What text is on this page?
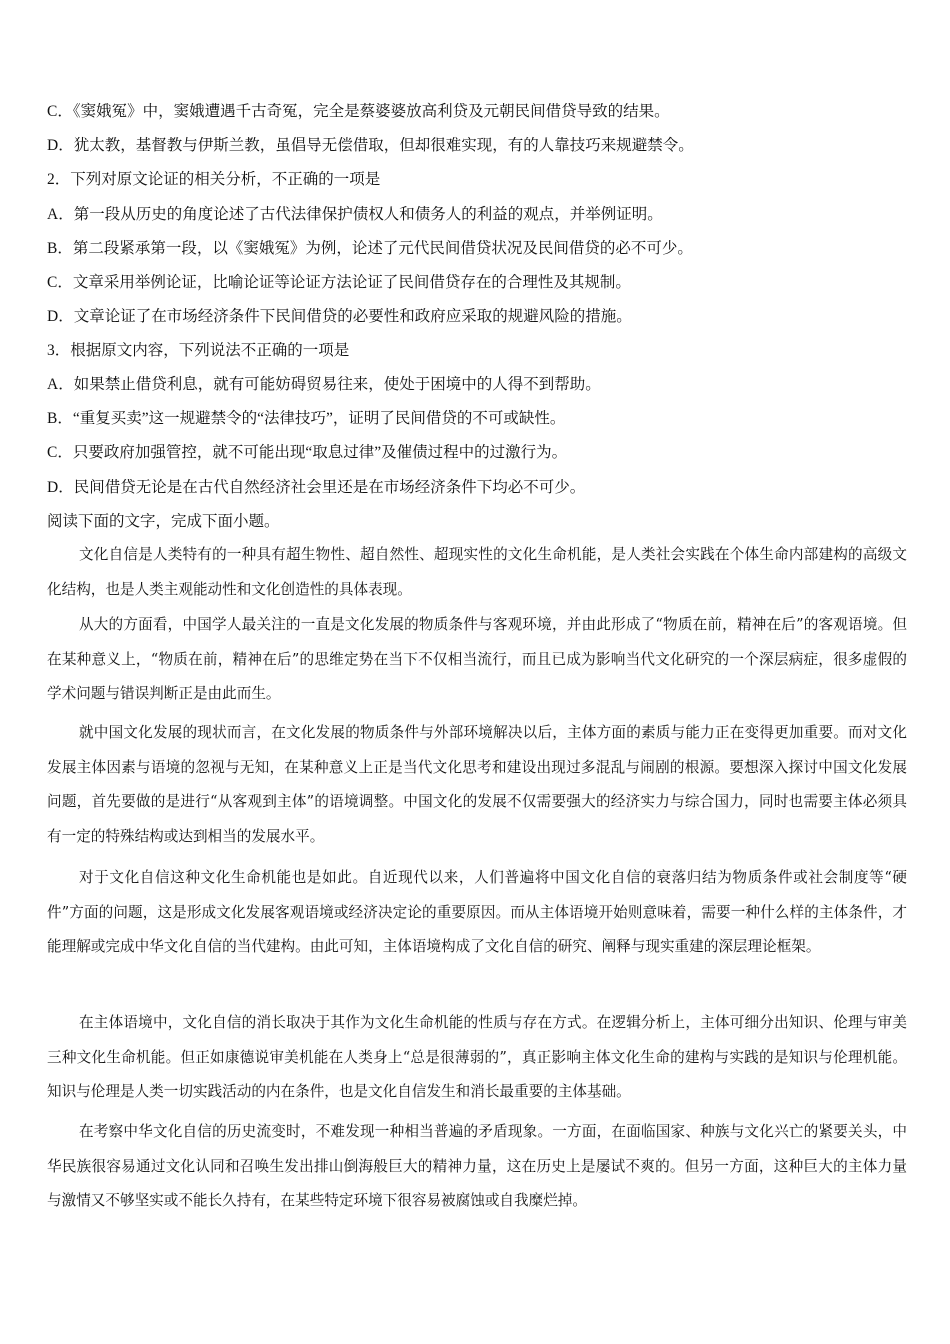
C．《窦娥冤》中，窦娥遭遇千古奇冤，完全是蔡婆婆放高利贷及元朝民间借贷导致的结果。
D．犹太教，基督教与伊斯兰教，虽倡导无偿借取，但却很难实现，有的人靠技巧来规避禁令。
2．下列对原文论证的相关分析，不正确的一项是
A．第一段从历史的角度论述了古代法律保护债权人和债务人的利益的观点，并举例证明。
B．第二段紧承第一段，以《窦娥冤》为例，论述了元代民间借贷状况及民间借贷的必不可少。
C．文章采用举例论证，比喻论证等论证方法论证了民间借贷存在的合理性及其规制。
D．文章论证了在市场经济条件下民间借贷的必要性和政府应采取的规避风险的措施。
3．根据原文内容，下列说法不正确的一项是
A．如果禁止借贷利息，就有可能妨碍贸易往来，使处于困境中的人得不到帮助。
B．“重复买卖”这一规避禁令的“法律技巧”，证明了民间借贷的不可或缺性。
C．只要政府加强管控，就不可能出现“取息过律”及催债过程中的过激行为。
D．民间借贷无论是在古代自然经济社会里还是在市场经济条件下均必不可少。
阅读下面的文字，完成下面小题。
文化自信是人类特有的一种具有超生物性、超自然性、超现实性的文化生命机能，是人类社会实践在个体生命内部建构的高级文化结构，也是人类主观能动性和文化创造性的具体表现。
从大的方面看，中国学人最关注的一直是文化发展的物质条件与客观环境，并由此形成了“物质在前，精神在后”的客观语境。但在某种意义上，“物质在前，精神在后”的思维定势在当下不仅相当流行，而且已成为影响当代文化研究的一个深层病症，很多虚假的学术问题与错误判断正是由此而生。
就中国文化发展的现状而言，在文化发展的物质条件与外部环境解决以后，主体方面的素质与能力正在变得更加重要。而对文化发展主体因素与语境的忽视与无知，在某种意义上正是当代文化思考和建设出现过多混乱与闹剧的根源。要想深入探讨中国文化发展问题，首先要做的是进行“从客观到主体”的语境调整。中国文化的发展不仅需要强大的经济实力与综合国力，同时也需要主体必须具有一定的特殊结构或达到相当的发展水平。
对于文化自信这种文化生命机能也是如此。自近现代以来，人们普遍将中国文化自信的衰落归结为物质条件或社会制度等“硬件”方面的问题，这是形成文化发展客观语境或经济决定论的重要原因。而从主体语境开始则意味着，需要一种什么样的主体条件，才能理解或完成中华文化自信的当代建构。由此可知，主体语境构成了文化自信的研究、阐释与现实重建的深层理论框架。
在主体语境中，文化自信的消长取决于其作为文化生命机能的性质与存在方式。在逻辑分析上，主体可细分出知识、伦理与审美三种文化生命机能。但正如康德说审美机能在人类身上“总是很薄弱的”，真正影响主体文化生命的建构与实践的是知识与伦理机能。知识与伦理是人类一切实践活动的内在条件，也是文化自信发生和消长最重要的主体基础。
在考察中华文化自信的历史流变时，不难发现一种相当普遍的矛盾现象。一方面，在面临国家、种族与文化兴亡的紧要关头，中华民族很容易通过文化认同和召唤生发出排山倒海般巨大的精神力量，这在历史上是屡试不爽的。但另一方面，这种巨大的主体力量与激情又不够坚实或不能长久持有，在某些特定环境下很容易被腐蚀或自我糜烂掉。
